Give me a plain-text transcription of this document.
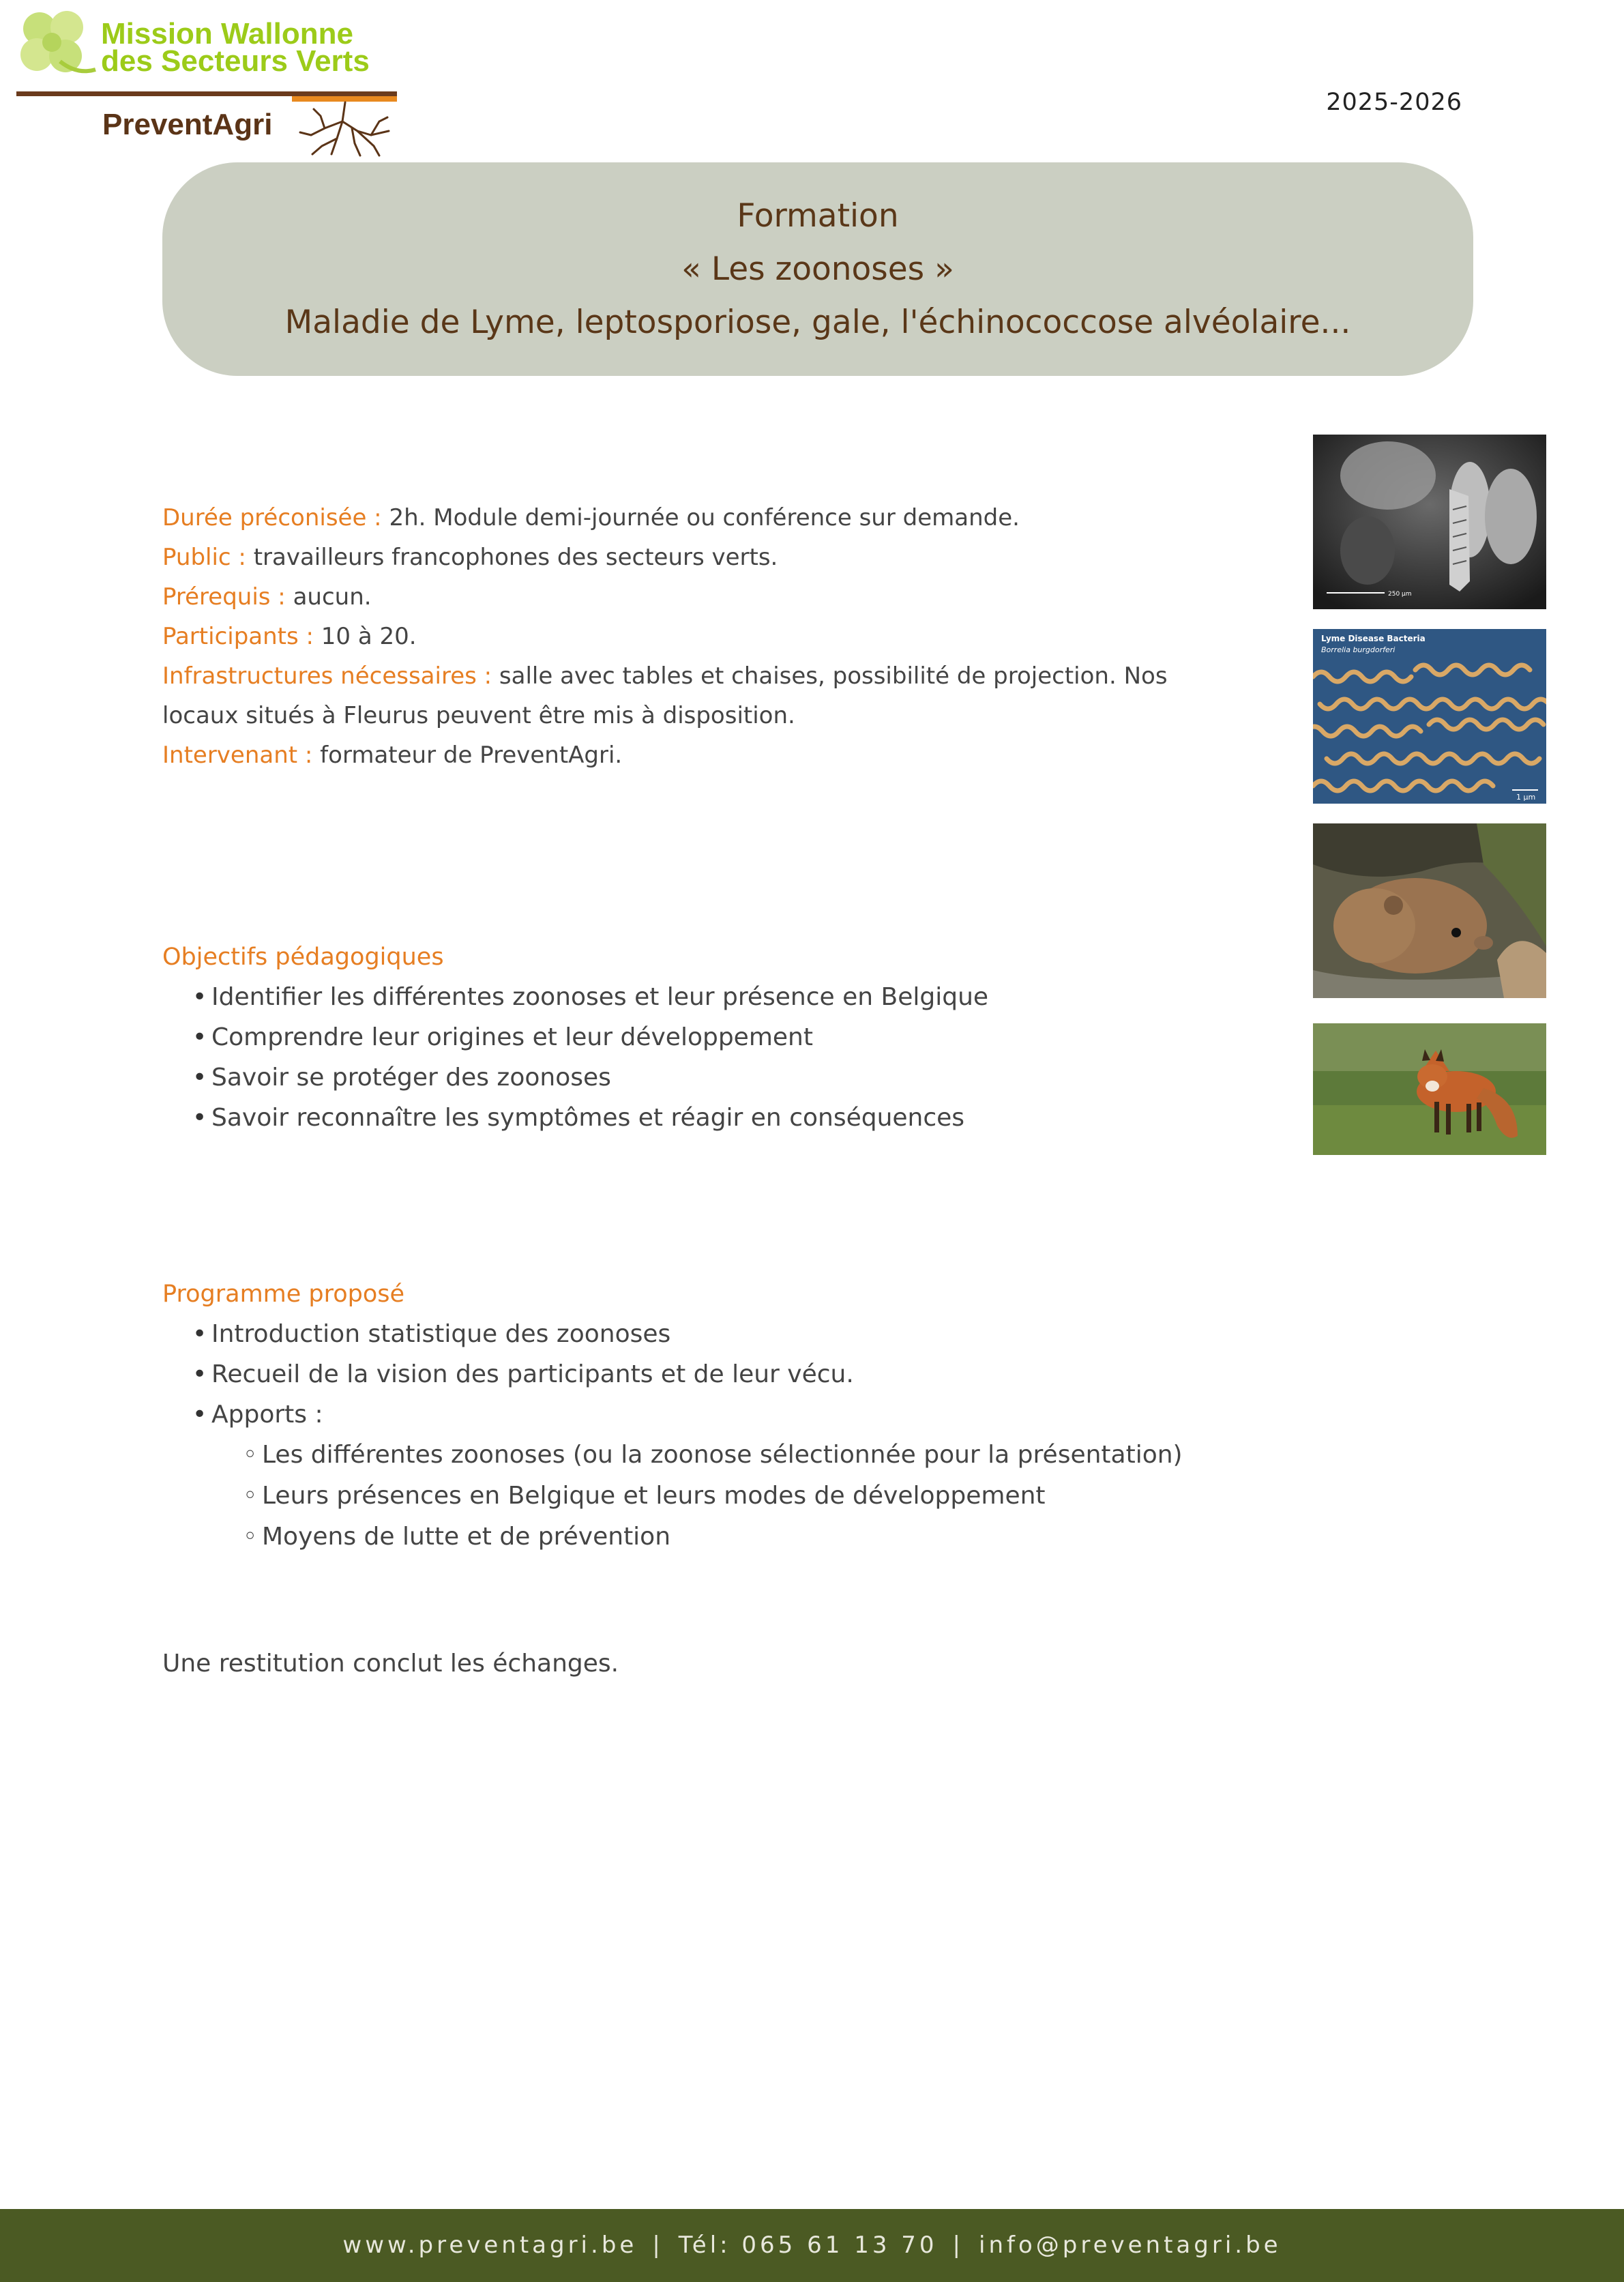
Mission Wallonne
des Secteurs Verts
PreventAgri
2025-2026
Formation
« Les zoonoses »
Maladie de Lyme, leptosporiose, gale, l'échinococcose alvéolaire...
Durée préconisée : 2h. Module demi-journée ou conférence sur demande.
Public : travailleurs francophones des secteurs verts.
Prérequis : aucun.
Participants : 10 à 20.
Infrastructures nécessaires : salle avec tables et chaises, possibilité de projection. Nos locaux situés à Fleurus peuvent être mis à disposition.
Intervenant : formateur de PreventAgri.
Objectifs pédagogiques
• Identifier les différentes zoonoses et leur présence en Belgique
• Comprendre leur origines et leur développement
• Savoir se protéger des zoonoses
• Savoir reconnaître les symptômes et réagir en conséquences
Programme proposé
• Introduction statistique des zoonoses
• Recueil de la vision des participants et de leur vécu.
• Apports :
◦ Les différentes zoonoses (ou la zoonose sélectionnée pour la présentation)
◦ Leurs présences en Belgique et leurs modes de développement
◦ Moyens de lutte et de prévention
Une restitution conclut les échanges.
250 µm
Lyme Disease Bacteria
Borrelia burgdorferi
1 µm
www.preventagri.be | Tél: 065 61 13 70 | info@preventagri.be
